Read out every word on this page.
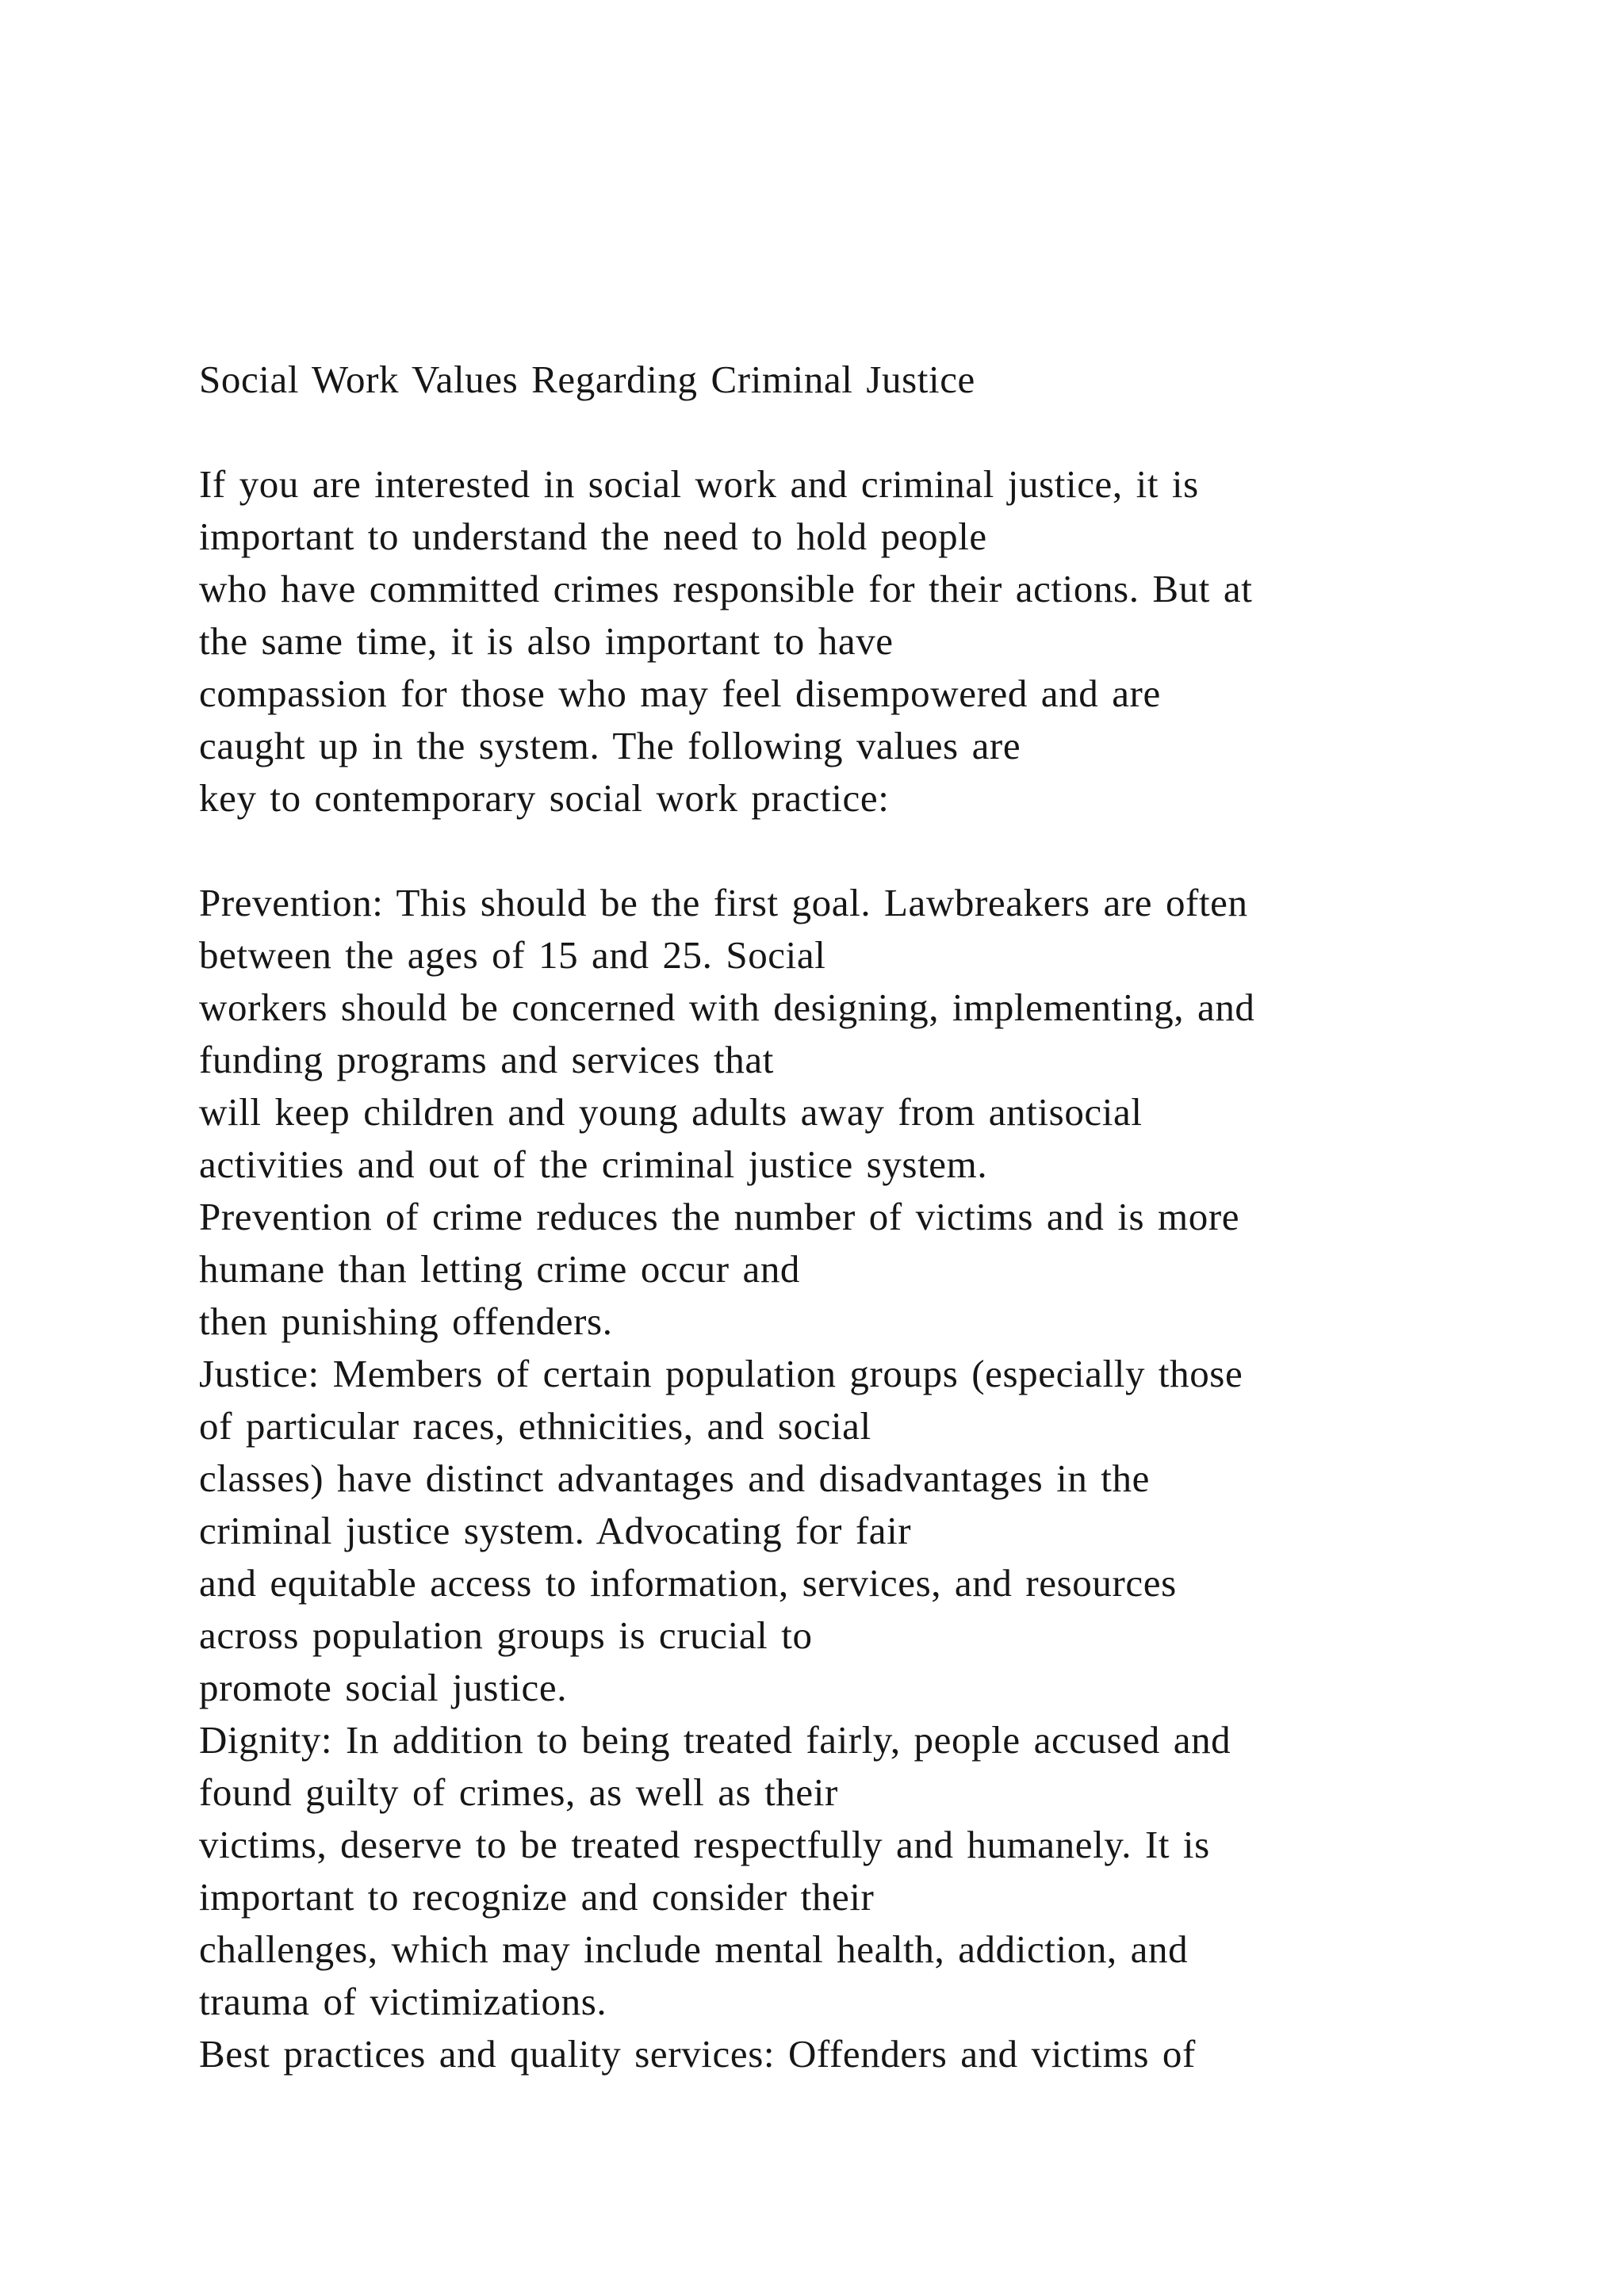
Social Work Values Regarding Criminal Justice
If you are interested in social work and criminal justice, it is
important to understand the need to hold people
who have committed crimes responsible for their actions. But at
the same time, it is also important to have
compassion for those who may feel disempowered and are
caught up in the system. The following values are
key to contemporary social work practice:
Prevention: This should be the first goal. Lawbreakers are often
between the ages of 15 and 25. Social
workers should be concerned with designing, implementing, and
funding programs and services that
will keep children and young adults away from antisocial
activities and out of the criminal justice system.
Prevention of crime reduces the number of victims and is more
humane than letting crime occur and
then punishing offenders.
Justice: Members of certain population groups (especially those
of particular races, ethnicities, and social
classes) have distinct advantages and disadvantages in the
criminal justice system. Advocating for fair
and equitable access to information, services, and resources
across population groups is crucial to
promote social justice.
Dignity: In addition to being treated fairly, people accused and
found guilty of crimes, as well as their
victims, deserve to be treated respectfully and humanely. It is
important to recognize and consider their
challenges, which may include mental health, addiction, and
trauma of victimizations.
Best practices and quality services: Offenders and victims of
